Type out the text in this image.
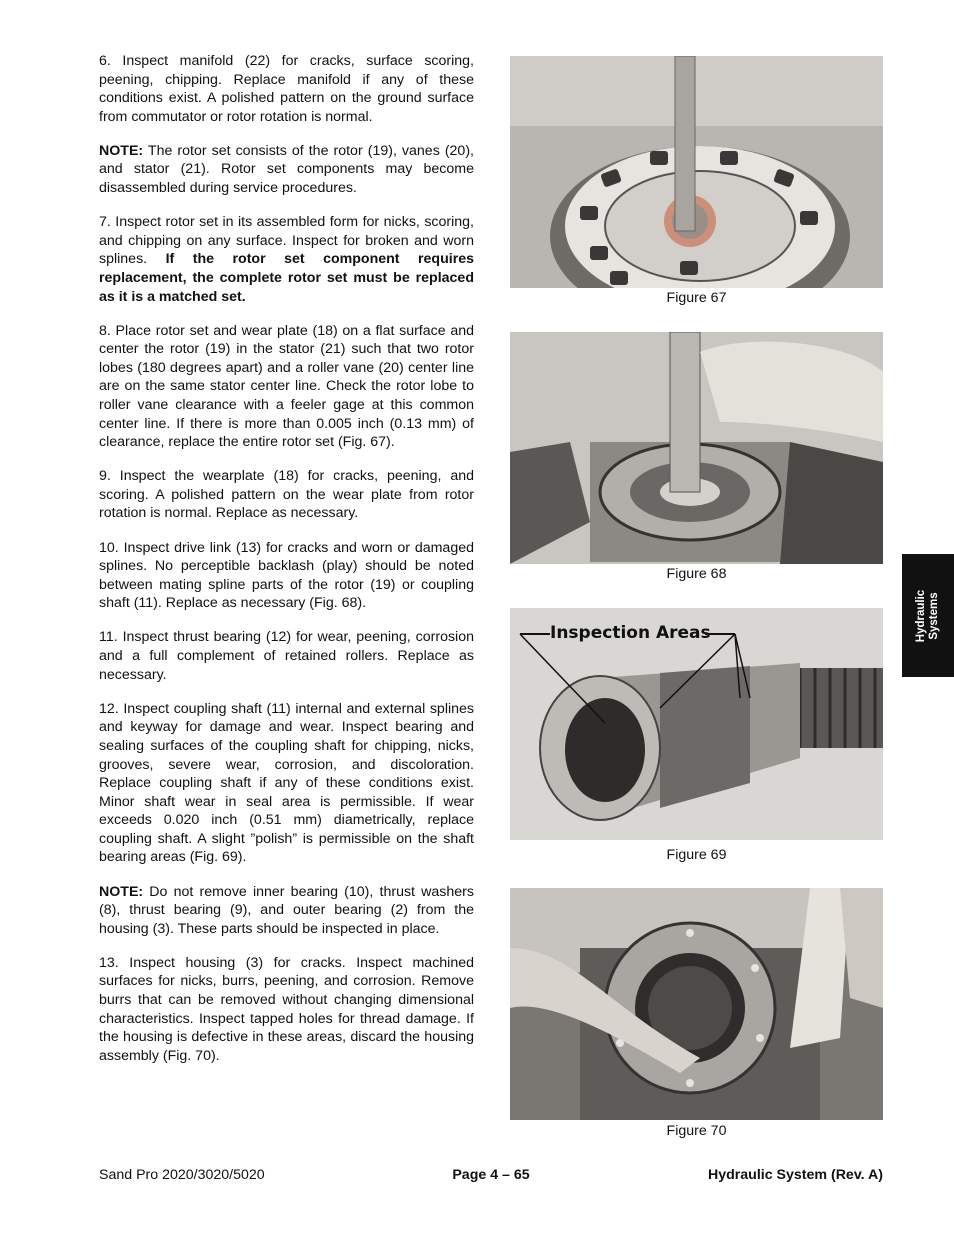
6. Inspect manifold (22) for cracks, surface scoring, peening, chipping. Replace manifold if any of these conditions exist. A polished pattern on the ground surface from commutator or rotor rotation is normal.

NOTE: The rotor set consists of the rotor (19), vanes (20), and stator (21). Rotor set components may become disassembled during service procedures.

7. Inspect rotor set in its assembled form for nicks, scoring, and chipping on any surface. Inspect for broken and worn splines. If the rotor set component requires replacement, the complete rotor set must be replaced as it is a matched set.

8. Place rotor set and wear plate (18) on a flat surface and center the rotor (19) in the stator (21) such that two rotor lobes (180 degrees apart) and a roller vane (20) center line are on the same stator center line. Check the rotor lobe to roller vane clearance with a feeler gage at this common center line. If there is more than 0.005 inch (0.13 mm) of clearance, replace the entire rotor set (Fig. 67).

9. Inspect the wearplate (18) for cracks, peening, and scoring. A polished pattern on the wear plate from rotor rotation is normal. Replace as necessary.

10. Inspect drive link (13) for cracks and worn or damaged splines. No perceptible backlash (play) should be noted between mating spline parts of the rotor (19) or coupling shaft (11). Replace as necessary (Fig. 68).

11. Inspect thrust bearing (12) for wear, peening, corrosion and a full complement of retained rollers. Replace as necessary.

12. Inspect coupling shaft (11) internal and external splines and keyway for damage and wear. Inspect bearing and sealing surfaces of the coupling shaft for chipping, nicks, grooves, severe wear, corrosion, and discoloration. Replace coupling shaft if any of these conditions exist. Minor shaft wear in seal area is permissible. If wear exceeds 0.020 inch (0.51 mm) diametrically, replace coupling shaft. A slight ”polish” is permissible on the shaft bearing areas (Fig. 69).

NOTE: Do not remove inner bearing (10), thrust washers (8), thrust bearing (9), and outer bearing (2) from the housing (3). These parts should be inspected in place.

13. Inspect housing (3) for cracks. Inspect machined surfaces for nicks, burrs, peening, and corrosion. Remove burrs that can be removed without changing dimensional characteristics. Inspect tapped holes for thread damage. If the housing is defective in these areas, discard the housing assembly (Fig. 70).

Figure 67
Figure 68
Inspection Areas
Figure 69
Figure 70
Hydraulic Systems
Sand Pro 2020/3020/5020	Page 4 – 65	Hydraulic System (Rev. A)
